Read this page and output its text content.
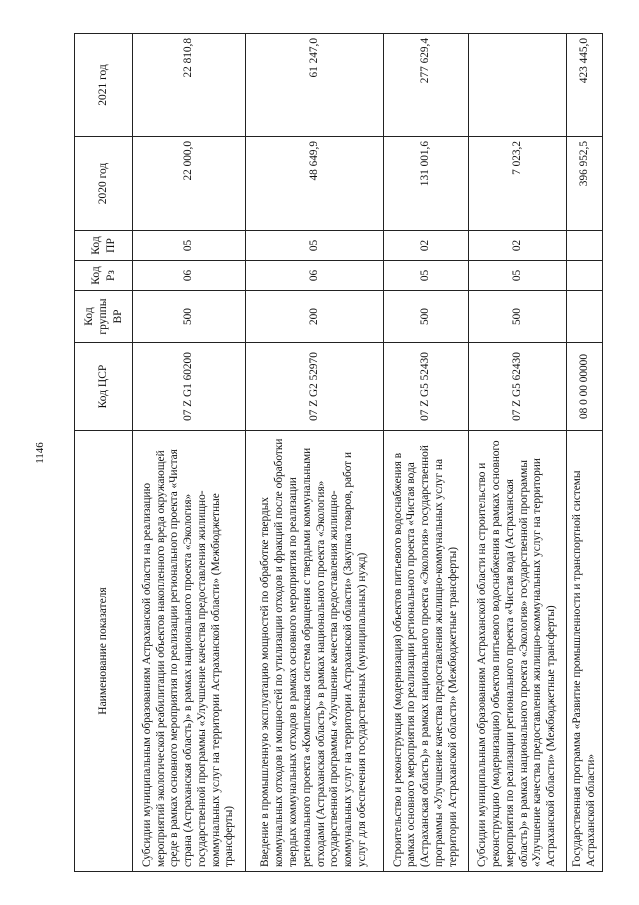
1146
Наименование показателя	Код ЦСР	Код группы ВР	Код Рз	Код ПР	2020 год	2021 год
Субсидии муниципальным образованиям Астраханской области на реализацию мероприятий экологической реабилитации объектов накопленного вреда окружающей среде в рамках основного мероприятия по реализации регионального проекта «Чистая страна (Астраханская область)» в рамках национального проекта «Экология» государственной программы «Улучшение качества предоставления жилищно-коммунальных услуг на территории Астраханской области» (Межбюджетные трансферты)	07 Z G1 60200	500	06	05	22 000,0	22 810,8
Введение в промышленную эксплуатацию мощностей по обработке твердых коммунальных отходов и мощностей по утилизации отходов и фракций после обработки твердых коммунальных отходов в рамках основного мероприятия по реализации регионального проекта «Комплексная система обращения с твердыми коммунальными отходами (Астраханская область)» в рамках национального проекта «Экология» государственной программы «Улучшение качества предоставления жилищно-коммунальных услуг на территории Астраханской области» (Закупка товаров, работ и услуг для обеспечения государственных (муниципальных) нужд)	07 Z G2 52970	200	06	05	48 649,9	61 247,0
Строительство и реконструкция (модернизация) объектов питьевого водоснабжения в рамках основного мероприятия по реализации регионального проекта «Чистая вода (Астраханская область)» в рамках национального проекта «Экология» государственной программы «Улучшение качества предоставления жилищно-коммунальных услуг на территории Астраханской области» (Межбюджетные трансферты)	07 Z G5 52430	500	05	02	131 001,6	277 629,4
Субсидии муниципальным образованиям Астраханской области на строительство и реконструкцию (модернизацию) объектов питьевого водоснабжения в рамках основного мероприятия по реализации регионального проекта «Чистая вода (Астраханская область)» в рамках национального проекта «Экология» государственной программы «Улучшение качества предоставления жилищно-коммунальных услуг на территории Астраханской области» (Межбюджетные трансферты)	07 Z G5 62430	500	05	02	7 023,2	
Государственная программа «Развитие промышленности и транспортной системы Астраханской области»	08 0 00 00000				396 952,5	423 445,0
